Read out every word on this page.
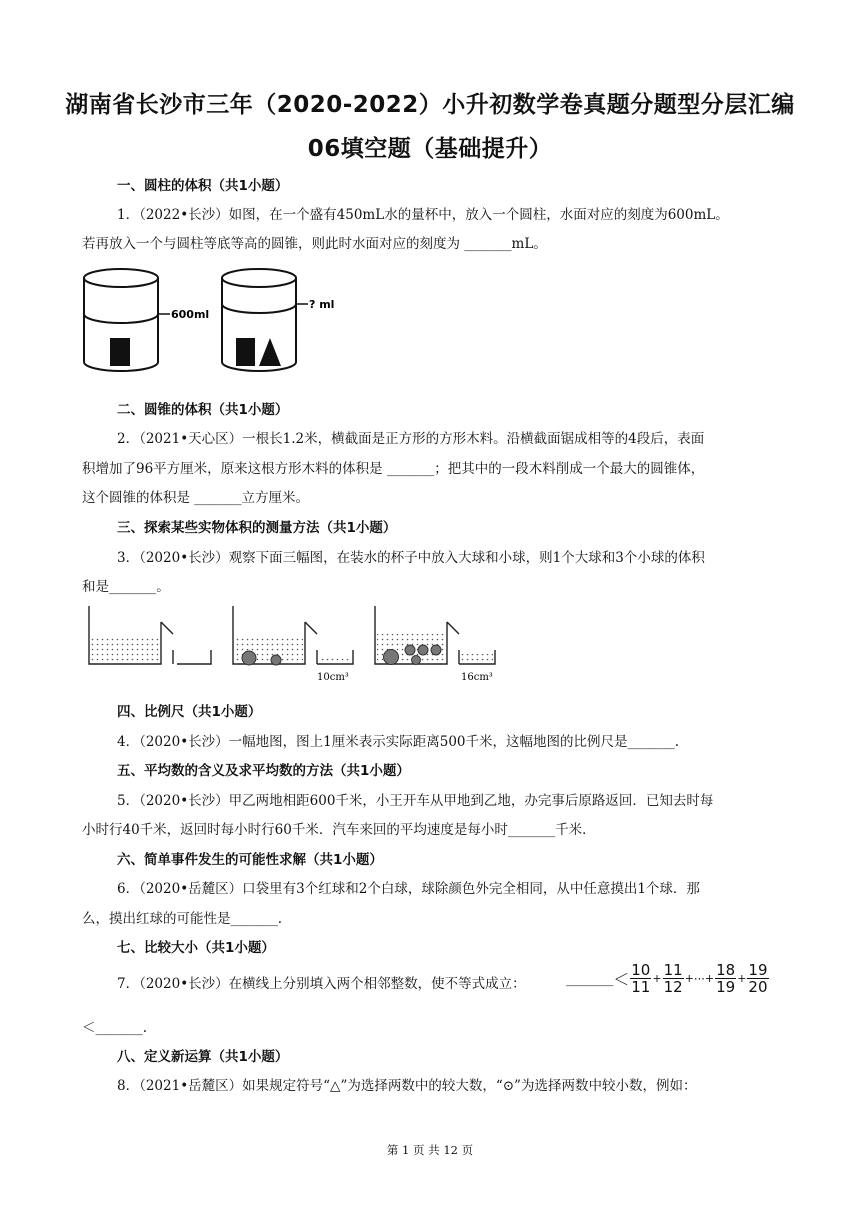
湖南省长沙市三年（2020-2022）小升初数学卷真题分题型分层汇编
06填空题（基础提升）
一、圆柱的体积（共1小题）
1．（2022•长沙）如图，在一个盛有450mL水的量杯中，放入一个圆柱，水面对应的刻度为600mL。
若再放入一个与圆柱等底等高的圆锥，则此时水面对应的刻度为 _______mL。
600ml
? ml
二、圆锥的体积（共1小题）
2．（2021•天心区）一根长1.2米，横截面是正方形的方形木料。沿横截面锯成相等的4段后，表面
积增加了96平方厘米，原来这根方形木料的体积是 _______；把其中的一段木料削成一个最大的圆锥体，
这个圆锥的体积是 _______立方厘米。
三、探索某些实物体积的测量方法（共1小题）
3．（2020•长沙）观察下面三幅图，在装水的杯子中放入大球和小球，则1个大球和3个小球的体积
和是_______。
10cm³	16cm³
四、比例尺（共1小题）
4．（2020•长沙）一幅地图，图上1厘米表示实际距离500千米，这幅地图的比例尺是_______.
五、平均数的含义及求平均数的方法（共1小题）
5．（2020•长沙）甲乙两地相距600千米，小王开车从甲地到乙地，办完事后原路返回．已知去时每
小时行40千米，返回时每小时行60千米．汽车来回的平均速度是每小时_______千米．
六、简单事件发生的可能性求解（共1小题）
6．（2020•岳麓区）口袋里有3个红球和2个白球，球除颜色外完全相同，从中任意摸出1个球．那
么，摸出红球的可能性是_______.
七、比较大小（共1小题）
7．（2020•长沙）在横线上分别填入两个相邻整数，使不等式成立：	_______ ＜ $\frac{10}{11} + \frac{11}{12}$ +⋯+ $\frac{18}{19} + \frac{19}{20}$
＜_______.
八、定义新运算（共1小题）
8．（2021•岳麓区）如果规定符号“△”为选择两数中的较大数，“⊙”为选择两数中较小数，例如：
第 1 页 共 12 页
